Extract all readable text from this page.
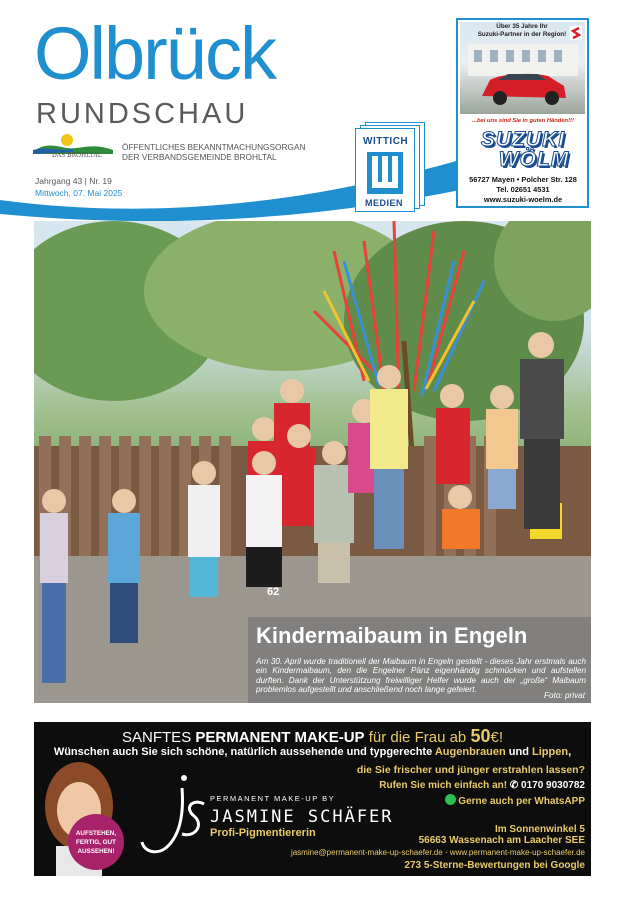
Olbrück
RUNDSCHAU
DAS BROHLTAL
ÖFFENTLICHES BEKANNTMACHUNGSORGAN
DER VERBANDSGEMEINDE BROHLTAL
Jahrgang 43 | Nr. 19
Mittwoch, 07. Mai 2025
WITTICH
MEDIEN
Über 35 Jahre Ihr
Suzuki-Partner in der Region!
...bei uns sind Sie in guten Händen!!!
SUZUKI
WÖLM
56727 Mayen • Polcher Str. 128
Tel. 02651 4531
www.suzuki-woelm.de
62
Kindermaibaum in Engeln
Am 30. April wurde traditionell der Maibaum in Engeln gestellt - dieses Jahr erstmals auch ein Kindermaibaum, den die Engelner Pänz eigenhändig schmücken und aufstellen durften. Dank der Unterstützung freiwilliger Helfer wurde auch der „große“ Maibaum problemlos aufgestellt und anschließend noch lange gefeiert.
Foto: privat
SANFTES PERMANENT MAKE-UP für die Frau ab 50€!
Wünschen auch Sie sich schöne, natürlich aussehende und typgerechte Augenbrauen und Lippen,
die Sie frischer und jünger erstrahlen lassen?
Rufen Sie mich einfach an! ✆ 0170 9030782
Gerne auch per WhatsAPP
Im Sonnenwinkel 5
56663 Wassenach am Laacher SEE
jasmine@permanent-make-up-schaefer.de · www.permanent-make-up-schaefer.de
273 5-Sterne-Bewertungen bei Google
AUFSTEHEN, FERTIG, GUT AUSSEHEN!
PERMANENT MAKE-UP BY
JASMINE SCHÄFER
Profi-Pigmentiererin
